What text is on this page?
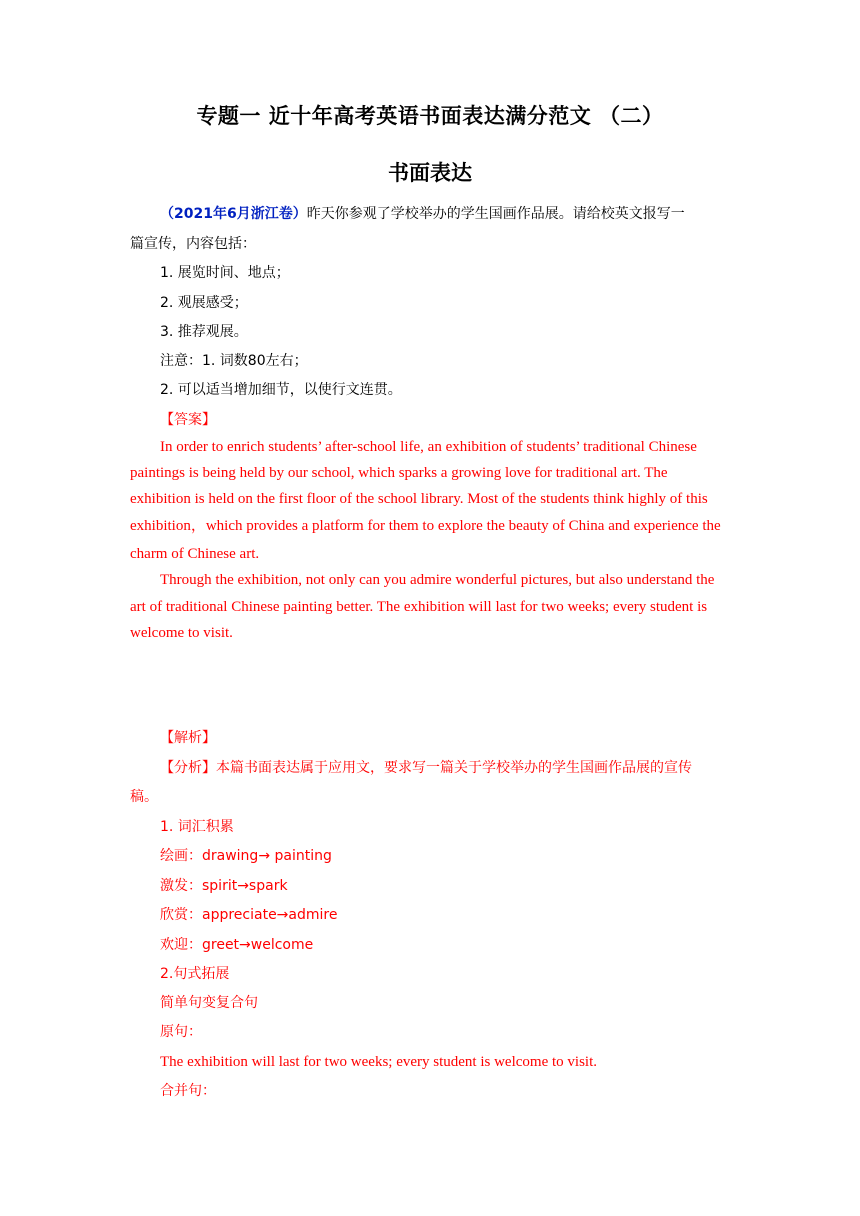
专题一 近十年高考英语书面表达满分范文 （二）
书面表达
（2021年6月浙江卷）昨天你参观了学校举办的学生国画作品展。请给校英文报写一
篇宣传，内容包括：
1. 展览时间、地点；
2. 观展感受；
3. 推荐观展。
注意：1. 词数80左右；
2. 可以适当增加细节，以使行文连贯。
【答案】
In order to enrich students’ after-school life, an exhibition of students’ traditional Chinese
paintings is being held by our school, which sparks a growing love for traditional art. The
exhibition is held on the first floor of the school library. Most of the students think highly of this
exhibition，which provides a platform for them to explore the beauty of China and experience the
charm of Chinese art.
Through the exhibition, not only can you admire wonderful pictures, but also understand the
art of traditional Chinese painting better. The exhibition will last for two weeks; every student is
welcome to visit.
【解析】
【分析】本篇书面表达属于应用文，要求写一篇关于学校举办的学生国画作品展的宣传
稿。
1. 词汇积累
绘画：drawing→ painting
激发：spirit→spark
欣赏：appreciate→admire
欢迎：greet→welcome
2.句式拓展
简单句变复合句
原句：
The exhibition will last for two weeks; every student is welcome to visit.
合并句：
